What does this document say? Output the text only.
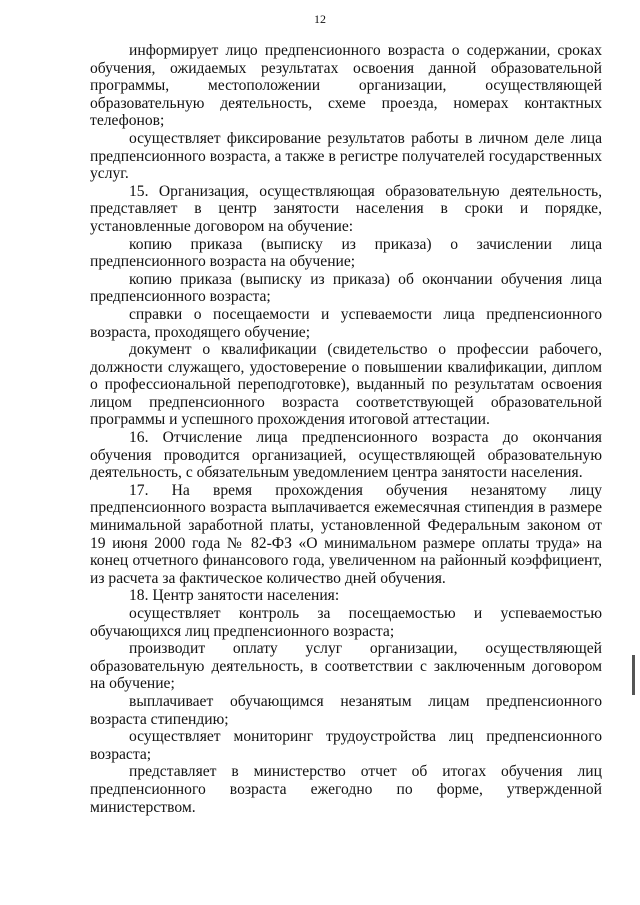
12

информирует лицо предпенсионного возраста о содержании, сроках обучения, ожидаемых результатах освоения данной образовательной программы, местоположении организации, осуществляющей образовательную деятельность, схеме проезда, номерах контактных телефонов;

осуществляет фиксирование результатов работы в личном деле лица предпенсионного возраста, а также в регистре получателей государственных услуг.

15. Организация, осуществляющая образовательную деятельность, представляет в центр занятости населения в сроки и порядке, установленные договором на обучение:

копию приказа (выписку из приказа) о зачислении лица предпенсионного возраста на обучение;

копию приказа (выписку из приказа) об окончании обучения лица предпенсионного возраста;

справки о посещаемости и успеваемости лица предпенсионного возраста, проходящего обучение;

документ о квалификации (свидетельство о профессии рабочего, должности служащего, удостоверение о повышении квалификации, диплом о профессиональной переподготовке), выданный по результатам освоения лицом предпенсионного возраста соответствующей образовательной программы и успешного прохождения итоговой аттестации.

16. Отчисление лица предпенсионного возраста до окончания обучения проводится организацией, осуществляющей образовательную деятельность, с обязательным уведомлением центра занятости населения.

17. На время прохождения обучения незанятому лицу предпенсионного возраста выплачивается ежемесячная стипендия в размере минимальной заработной платы, установленной Федеральным законом от 19 июня 2000 года № 82-ФЗ «О минимальном размере оплаты труда» на конец отчетного финансового года, увеличенном на районный коэффициент, из расчета за фактическое количество дней обучения.

18. Центр занятости населения:

осуществляет контроль за посещаемостью и успеваемостью обучающихся лиц предпенсионного возраста;

производит оплату услуг организации, осуществляющей образовательную деятельность, в соответствии с заключенным договором на обучение;

выплачивает обучающимся незанятым лицам предпенсионного возраста стипендию;

осуществляет мониторинг трудоустройства лиц предпенсионного возраста;

представляет в министерство отчет об итогах обучения лиц предпенсионного возраста ежегодно по форме, утвержденной министерством.
